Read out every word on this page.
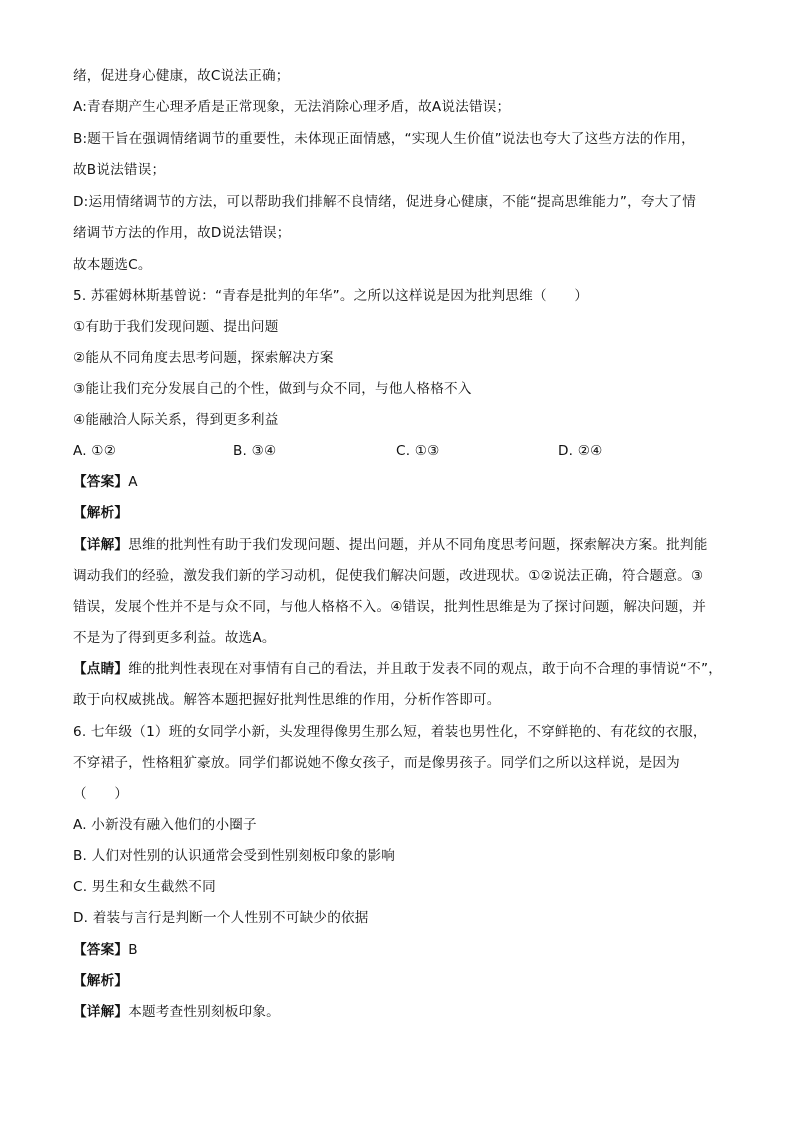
绪，促进身心健康，故C说法正确；
A:青春期产生心理矛盾是正常现象，无法消除心理矛盾，故A说法错误；
B:题干旨在强调情绪调节的重要性，未体现正面情感，“实现人生价值”说法也夸大了这些方法的作用，
故B说法错误；
D:运用情绪调节的方法，可以帮助我们排解不良情绪，促进身心健康，不能“提高思维能力”，夸大了情
绪调节方法的作用，故D说法错误；
故本题选C。
5. 苏霍姆林斯基曾说：“青春是批判的年华”。之所以这样说是因为批判思维（　　）
①有助于我们发现问题、提出问题
②能从不同角度去思考问题，探索解决方案
③能让我们充分发展自己的个性，做到与众不同，与他人格格不入
④能融洽人际关系，得到更多利益
A. ①②	B. ③④	C. ①③	D. ②④
【答案】A
【解析】
【详解】思维的批判性有助于我们发现问题、提出问题，并从不同角度思考问题，探索解决方案。批判能
调动我们的经验，激发我们新的学习动机，促使我们解决问题，改进现状。①②说法正确，符合题意。③
错误，发展个性并不是与众不同，与他人格格不入。④错误，批判性思维是为了探讨问题，解决问题，并
不是为了得到更多利益。故选A。
【点睛】维的批判性表现在对事情有自己的看法，并且敢于发表不同的观点，敢于向不合理的事情说“不”，
敢于向权威挑战。解答本题把握好批判性思维的作用，分析作答即可。
6. 七年级（1）班的女同学小新，头发理得像男生那么短，着装也男性化，不穿鲜艳的、有花纹的衣服，
不穿裙子，性格粗犷豪放。同学们都说她不像女孩子，而是像男孩子。同学们之所以这样说，是因为
（　　）
A. 小新没有融入他们的小圈子
B. 人们对性别的认识通常会受到性别刻板印象的影响
C. 男生和女生截然不同
D. 着装与言行是判断一个人性别不可缺少的依据
【答案】B
【解析】
【详解】本题考查性别刻板印象。
